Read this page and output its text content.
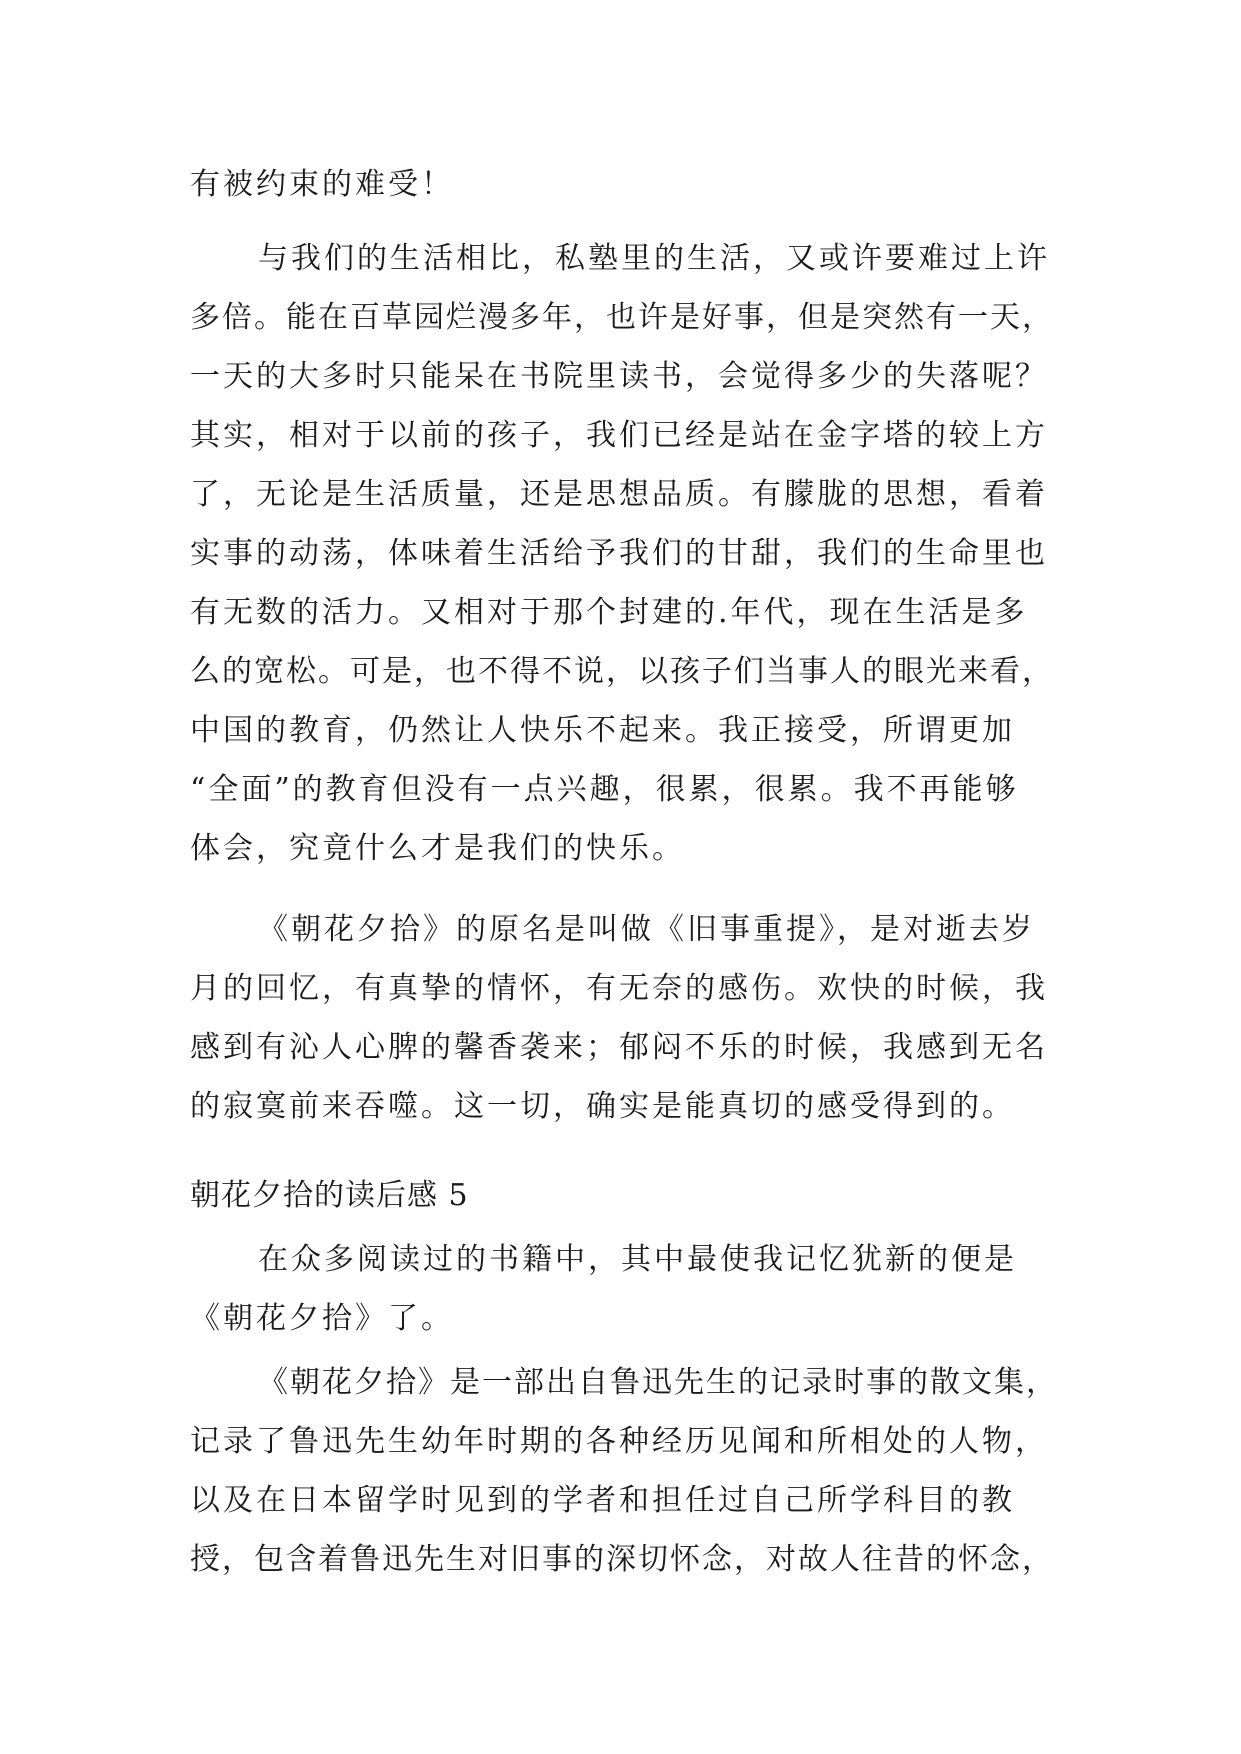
有被约束的难受！
与我们的生活相比，私塾里的生活，又或许要难过上许
多倍。能在百草园烂漫多年，也许是好事，但是突然有一天，
一天的大多时只能呆在书院里读书，会觉得多少的失落呢？
其实，相对于以前的孩子，我们已经是站在金字塔的较上方
了，无论是生活质量，还是思想品质。有朦胧的思想，看着
实事的动荡，体味着生活给予我们的甘甜，我们的生命里也
有无数的活力。又相对于那个封建的.年代，现在生活是多
么的宽松。可是，也不得不说，以孩子们当事人的眼光来看，
中国的教育，仍然让人快乐不起来。我正接受，所谓更加
“全面”的教育但没有一点兴趣，很累，很累。我不再能够
体会，究竟什么才是我们的快乐。
《朝花夕拾》的原名是叫做《旧事重提》，是对逝去岁
月的回忆，有真挚的情怀，有无奈的感伤。欢快的时候，我
感到有沁人心脾的馨香袭来；郁闷不乐的时候，我感到无名
的寂寞前来吞噬。这一切，确实是能真切的感受得到的。
朝花夕拾的读后感 5
在众多阅读过的书籍中，其中最使我记忆犹新的便是
《朝花夕拾》了。
《朝花夕拾》是一部出自鲁迅先生的记录时事的散文集，
记录了鲁迅先生幼年时期的各种经历见闻和所相处的人物，
以及在日本留学时见到的学者和担任过自己所学科目的教
授，包含着鲁迅先生对旧事的深切怀念，对故人往昔的怀念，
